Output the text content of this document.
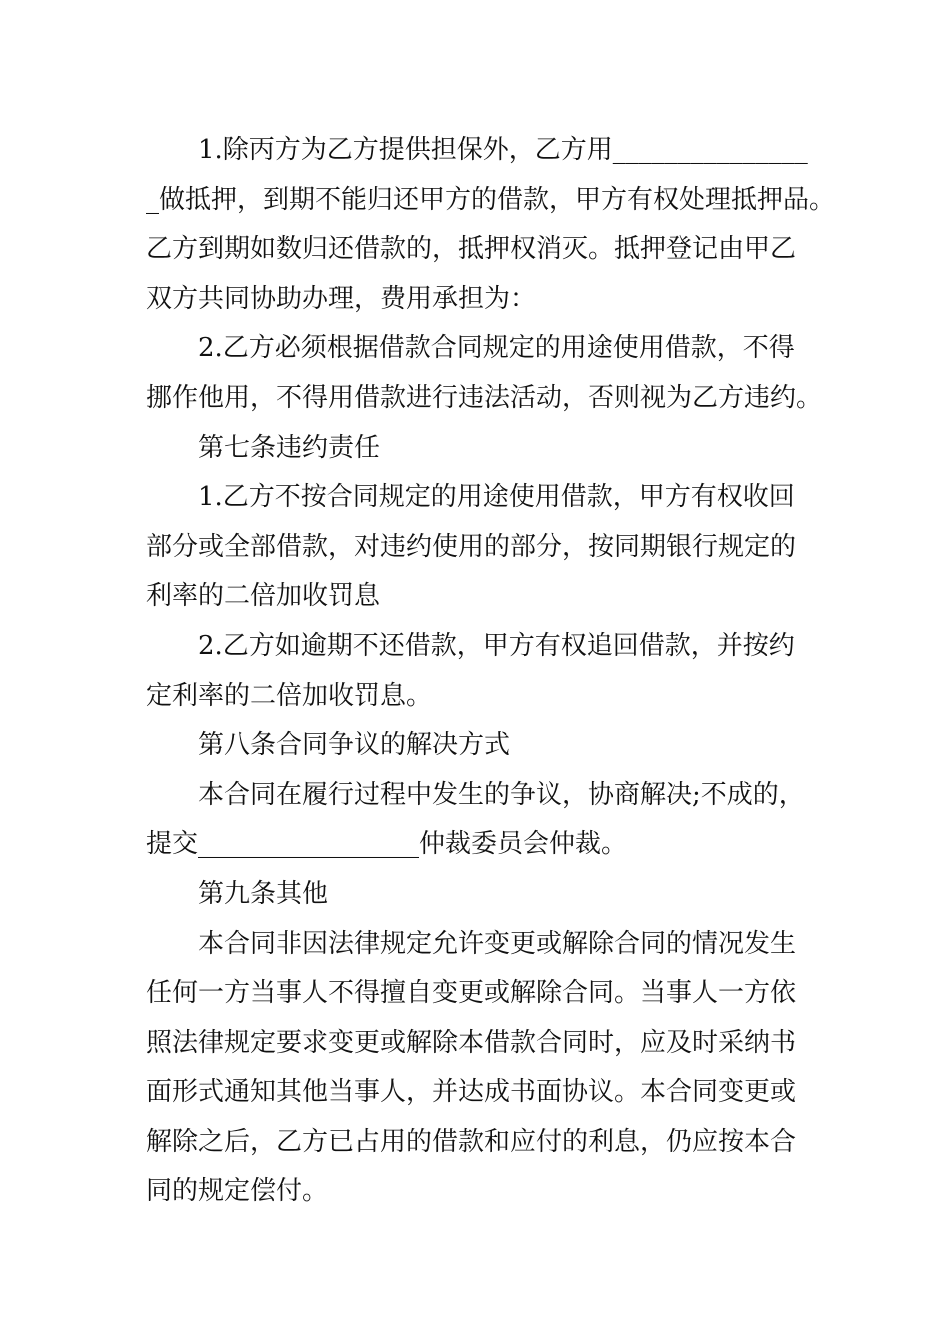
1.除丙方为乙方提供担保外，乙方用_______________
_做抵押，到期不能归还甲方的借款，甲方有权处理抵押品。
乙方到期如数归还借款的，抵押权消灭。抵押登记由甲乙
双方共同协助办理，费用承担为：

2.乙方必须根据借款合同规定的用途使用借款，不得
挪作他用，不得用借款进行违法活动，否则视为乙方违约。

第七条违约责任

1.乙方不按合同规定的用途使用借款，甲方有权收回
部分或全部借款，对违约使用的部分，按同期银行规定的
利率的二倍加收罚息

2.乙方如逾期不还借款，甲方有权追回借款，并按约
定利率的二倍加收罚息。

第八条合同争议的解决方式

本合同在履行过程中发生的争议，协商解决;不成的，
提交_________________仲裁委员会仲裁。

第九条其他

本合同非因法律规定允许变更或解除合同的情况发生
任何一方当事人不得擅自变更或解除合同。当事人一方依
照法律规定要求变更或解除本借款合同时，应及时采纳书
面形式通知其他当事人，并达成书面协议。本合同变更或
解除之后，乙方已占用的借款和应付的利息，仍应按本合
同的规定偿付。
